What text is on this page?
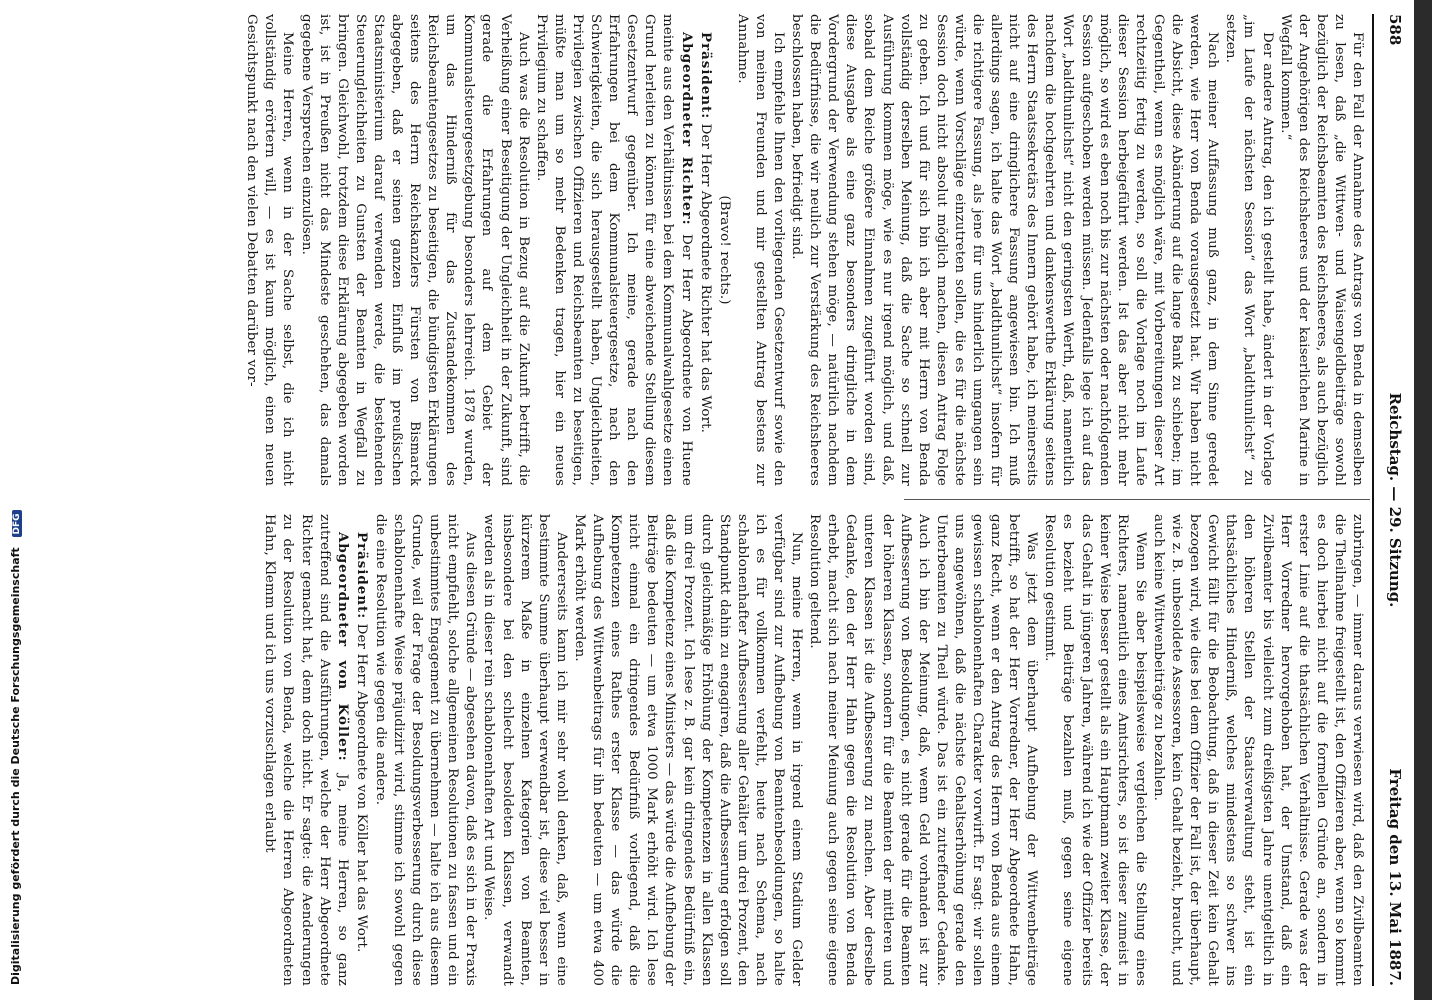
Digitalisierung gefördert durch die Deutsche Forschungsgemeinschaft DFG
588
Reichstag. — 29. Sitzung.
Freitag den 13. Mai 1887.

Für den Fall der Annahme des Antrags von Benda in demselben zu lesen, daß „die Wittwen- und Waisengeldbeiträge sowohl bezüglich der Reichsbeamten des Reichsheeres, als auch bezüglich der Angehörigen des Reichsheeres und der kaiserlichen Marine in Wegfall kommen.“

Der andere Antrag, den ich gestellt habe, ändert in der Vorlage „im Laufe der nächsten Session“ das Wort „baldthunlichst“ zu setzen.

Nach meiner Auffassung muß ganz, in dem Sinne geredet werden, wie Herr von Benda vorausgesetzt hat. Wir haben nicht die Absicht, diese Abänderung auf die lange Bank zu schieben; im Gegentheil, wenn es möglich wäre, mit Vorbereitungen dieser Art rechtzeitig fertig zu werden, so soll die Vorlage noch im Laufe dieser Session herbeigeführt werden. Ist das aber nicht mehr möglich, so wird es eben noch bis zur nächsten oder nachfolgenden Session aufgeschoben werden müssen. Jedenfalls lege ich auf das Wort „baldthunlichst“ nicht den geringsten Werth, daß, namentlich nachdem die hochgeehrten und dankenswerthe Erklärung seitens des Herrn Staatssekretärs des Innern gehört habe, ich meinerseits nicht auf eine dringlichere Fassung angewiesen bin. Ich muß allerdings sagen, ich halte das Wort „baldthunlichst“ insofern für die richtigere Fassung, als jene für uns hinderlich umgangen sein würde, wenn Vorschläge einzutreten sollen, die es für die nächste Session doch nicht absolut möglich machen, diesen Antrag Folge zu geben. Ich und für sich bin ich aber mit Herrn von Benda vollständig derselben Meinung, daß die Sache so schnell zur Ausführung kommen möge, wie es nur irgend möglich, und daß, sobald dem Reiche größere Einnahmen zugeführt worden sind, diese Ausgabe als eine ganz besonders dringliche in dem Vordergrund der Verwendung stehen möge, — natürlich nachdem die Bedürfnisse, die wir neulich zur Verstärkung des Reichsheeres beschlossen haben, befriedigt sind.

Ich empfehle Ihnen den vorliegenden Gesetzentwurf sowie den von meinen Freunden und mir gestellten Antrag bestens zur Annahme.

(Bravo! rechts.)

Präsident: Der Herr Abgeordnete Richter hat das Wort.

Abgeordneter Richter: Der Herr Abgeordnete von Huene meinte aus den Verhältnissen bei dem Kommunalwahlgesetze einen Grund herleiten zu können für eine abweichende Stellung diesem Gesetzentwurf gegenüber. Ich meine, gerade nach den Erfahrungen bei dem Kommunalsteuergesetze, nach den Schwierigkeiten, die sich herausgestellt haben, Ungleichheiten, Privilegien zwischen Offizieren und Reichsbeamten zu beseitigen, müßte man um so mehr Bedenken tragen, hier ein neues Privilegium zu schaffen.

Auch was die Resolution in Bezug auf die Zukunft betrifft, die Verheißung einer Beseitigung der Ungleichheit in der Zukunft, sind gerade die Erfahrungen auf dem Gebiet der Kommunalsteuergesetzgebung besonders lehrreich. 1878 wurden, um das Hinderniß für das Zustandekommen des Reichsbeamtengesetzes zu beseitigen, die bündigsten Erklärungen seitens des Herrn Reichskanzlers Fürsten von Bismarck abgegeben, daß er seinen ganzen Einfluß im preußischen Staatsministerium darauf verwenden werde, die bestehenden Steuerungleichheiten zu Gunsten der Beamten in Wegfall zu bringen. Gleichwohl, trotzdem diese Erklärung abgegeben worden ist, ist in Preußen nicht das Mindeste geschehen, das damals gegebene Versprechen einzulösen.

Meine Herren, wenn in der Sache selbst, die ich nicht vollständig erörtern will, — es ist kaum möglich, einen neuen Gesichtspunkt nach den vielen Debatten darüber vor-

zubringen, — immer daraus verwiesen wird, daß den Zivilbeamten die Theilnahme freigestellt ist, den Offizieren aber, wenn so kommt es doch hierbei nicht auf die formellen Gründe an, sondern in erster Linie auf die thatsächlichen Verhältnisse. Gerade was der Herr Vorredner hervorgehoben hat, der Umstand, daß ein Zivilbeamter bis vielleicht zum dreißigsten Jahre unentgeltlich in den höheren Stellen der Staatsverwaltung steht, ist ein thatsächliches Hinderniß, welches mindestens so schwer ins Gewicht fällt für die Beobachtung, daß in dieser Zeit kein Gehalt bezogen wird, wie dies bei dem Offizier der Fall ist, der überhaupt, wie z. B. unbesoldete Assessoren, kein Gehalt bezieht, braucht, und auch keine Wittwenbeiträge zu bezahlen.

Wenn Sie aber beispielsweise vergleichen die Stellung eines Richters, namentlich eines Amtsrichters, so ist dieser zumeist in keiner Weise besser gestellt als ein Hauptmann zweiter Klasse, der das Gehalt in jüngeren Jahren, während ich wie der Offizier bereits es bezieht und Beiträge bezahlen muß, gegen seine eigene Resolution gestimmt.

Was jetzt dem überhaupt Aufhebung der Wittwenbeiträge betrifft, so hat der Herr Vorredner, der Herr Abgeordnete Hahn, ganz Recht, wenn er den Antrag des Herrn von Benda aus einem gewissen schablonenhaften Charakter vorwirft. Er sagt: wir sollen uns angewöhnen, daß die nächste Gehaltserhöhung gerade den Unterbeamten zu Theil würde. Das ist ein zutreffender Gedanke. Auch ich bin der Meinung, daß, wenn Geld vorhanden ist zur Aufbesserung von Besoldungen, es nicht gerade für die Beamten der höheren Klassen, sondern für die Beamten der mittleren und unteren Klassen ist die Aufbesserung zu machen. Aber derselbe Gedanke, den der Herr Hahn gegen die Resolution von Benda erhebt, macht sich nach meiner Meinung auch gegen seine eigene Resolution geltend.

Nun, meine Herren, wenn in irgend einem Stadium Gelder verfügbar sind zur Aufhebung von Beamtenbesoldungen, so halte ich es für vollkommen verfehlt, heute nach Schema, nach schablonenhafter Aufbesserung aller Gehälter um drei Prozent, den Standpunkt dahin zu engagiren, daß die Aufbesserung erfolgen soll durch gleichmäßige Erhöhung der Kompetenzen in allen Klassen um drei Prozent. Ich lese z. B. gar kein dringendes Bedürfniß ein, daß die Kompetenz eines Ministers — das würde die Aufhebung der Beiträge bedeuten — um etwa 1000 Mark erhöht wird. Ich lese nicht einmal ein dringendes Bedürfniß vorliegend, daß die Kompetenzen eines Rathes erster Klasse — das würde die Aufhebung des Wittwenbeitrags für ihn bedeuten — um etwa 400 Mark erhöht werden.

Andererseits kann ich mir sehr wohl denken, daß, wenn eine bestimmte Summe überhaupt verwendbar ist, diese viel besser in kürzerem Maße in einzelnen Kategorien von Beamten, insbesondere bei den schlecht besoldeten Klassen, verwandt werden als in dieser rein schablonenhaften Art und Weise.

Aus diesen Gründe — abgesehen davon, daß es sich in der Praxis nicht empfiehlt, solche allgemeinen Resolutionen zu fassen und ein unbestimmtes Engagement zu übernehmen — halte ich aus diesem Grunde, weil der Frage der Besoldungsverbesserung durch diese schablonenhafte Weise präjudizirt wird, stimme ich sowohl gegen die eine Resolution wie gegen die andere.

Präsident: Der Herr Abgeordnete von Köller hat das Wort.

Abgeordneter von Köller: Ja, meine Herren, so ganz zutreffend sind die Ausführungen, welche der Herr Abgeordnete Richter gemacht hat, denn doch nicht. Er sagte: die Aenderungen zu der Resolution von Benda, welche die Herren Abgeordneten Hahn, Klemm und ich uns vorzuschlagen erlaubt
